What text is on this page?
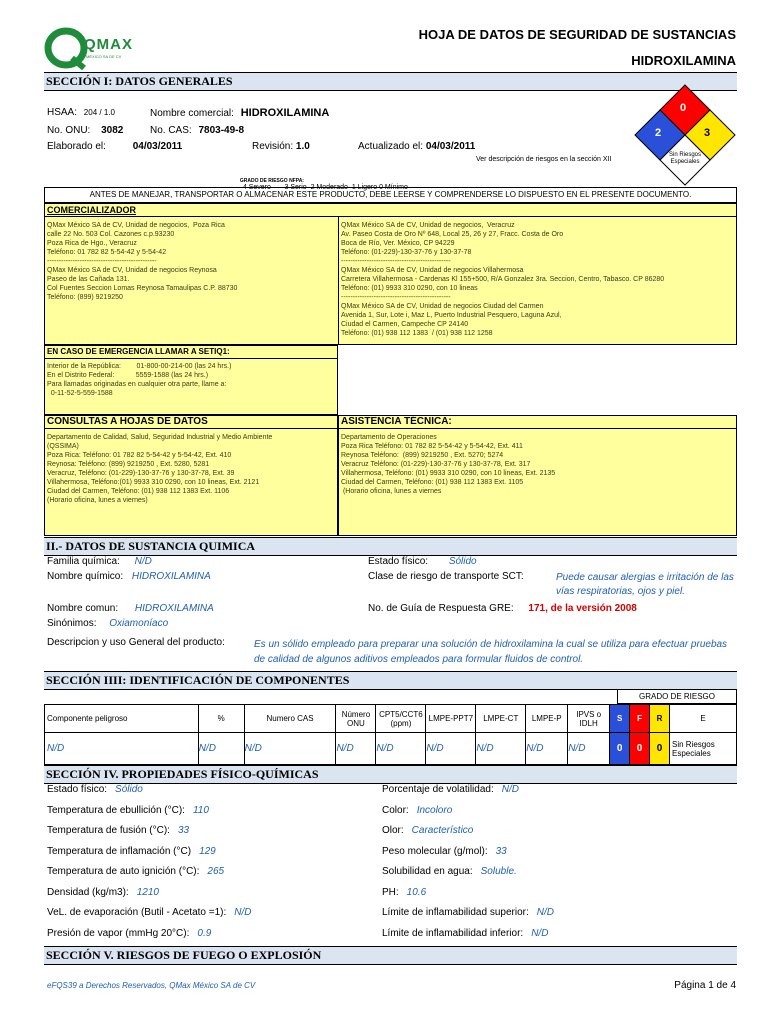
QMAX
MÉXICO SA DE CV
HOJA DE DATOS DE SEGURIDAD DE SUSTANCIAS
HIDROXILAMINA
SECCIÓN I: DATOS GENERALES
0
2	3
Sin Riesgos Especiales
HSAA: 204 / 1.0	Nombre comercial: HIDROXILAMINA
No. ONU: 3082	No. CAS: 7803-49-8
Elaborado el:	04/03/2011	Revisión: 1.0	Actualizado el: 04/03/2011
Ver descripción de riesgos en la sección XII

GRADO DE RIESGO NFPA:
4 Severo       3 Serio  2 Moderado  1 Ligero 0 Mínimo

ANTES DE MANEJAR, TRANSPORTAR O ALMACENAR ESTE PRODUCTO, DEBE LEERSE Y COMPRENDERSE LO DISPUESTO EN EL PRESENTE DOCUMENTO.
COMERCIALIZADOR
QMax México SA de CV, Unidad de negocios,  Poza Rica
calle 22 No. 503 Col. Cazones c.p.93230
Poza Rica de Hgo., Veracruz
Teléfono: 01 782 82 5-54-42 y 5-54-42
-----------------------------------------------
QMax México SA de CV, Unidad de negocios Reynosa
Paseo de las Cañada 131.
Col Fuentes Seccion Lomas Reynosa Tamaulipas C.P. 88730
Teléfono: (899) 9219250
QMax México SA de CV, Unidad de negocios,  Veracruz
Av. Paseo Costa de Oro Nº 648, Local 25, 26 y 27, Fracc. Costa de Oro
Boca de Río, Ver. México, CP 94229
Teléfono: (01-229)-130-37-76 y 130-37-78
-----------------------------------------------
QMax México SA de CV, Unidad de negocios Villahermosa
Carretera Villahermosa - Cardenas Kl 155+500, R/A Gonzalez 3ra. Seccion, Centro, Tabasco. CP 86280
Teléfono: (01) 9933 310 0290, con 10 lineas
-----------------------------------------------
QMax México SA de CV, Unidad de negocios Ciudad del Carmen
Avenida 1, Sur, Lote i, Maz L, Puerto Industrial Pesquero, Laguna Azul,
Ciudad el Carmen, Campeche CP 24140
Teléfono: (01) 938 112 1383  / (01) 938 112 1258
EN CASO DE EMERGENCIA LLAMAR A SETIQ1:
Interior de la República:        01-800-00-214-00 (las 24 hrs.)
En el Distrito Federal:           5559-1588 (las 24 hrs.)
Para llamadas originadas en cualquier otra parte, llame a:
0-11-52-5-559-1588
CONSULTAS A HOJAS DE DATOS
Departamento de Calidad, Salud, Seguridad Industrial y Medio Ambiente
(QSSIMA)
Poza Rica: Teléfono: 01 782 82 5-54-42 y 5-54-42, Ext. 410
Reynosa: Teléfono: (899) 9219250 , Ext. 5280, 5281
Veracruz, Teléfono: (01-229)-130-37-76 y 130-37-78, Ext. 39
Villahermosa, Teléfono:(01) 9933 310 0290, con 10 lineas, Ext. 2121
Ciudad del Carmen, Teléfono: (01) 938 112 1383 Ext. 1106
(Horario oficina, lunes a viernes)
ASISTENCIA TÉCNICA:
Departamento de Operaciones
Poza Rica Teléfono: 01 782 82 5-54-42 y 5-54-42, Ext. 411
Reynosa Teléfono:  (899) 9219250 , Ext. 5270; 5274
Veracruz Teléfono: (01-229)-130-37-76 y 130-37-78, Ext. 317
Villahermosa, Teléfono: (01) 9933 310 0290, con 10 lineas, Ext. 2135
Ciudad del Carmen, Teléfono: (01) 938 112 1383 Ext. 1105
(Horario oficina, lunes a viernes
II.- DATOS DE SUSTANCIA QUIMICA
Familia química: N/D	Estado físico: Sólido
Nombre químico: HIDROXILAMINA	Clase de riesgo de transporte SCT:	Puede causar alergias e irritación de las vías respiratorias, ojos y piel.
Nombre comun: HIDROXILAMINA	No. de Guía de Respuesta GRE: 171, de la versión 2008
Sinónimos: Oxiamoníaco
Descripcion y uso General del producto:	Es un sólido empleado para preparar una solución de hidroxilamina la cual se utiliza para efectuar pruebas de calidad de algunos aditivos empleados para formular fluidos de control.
SECCIÓN IIII: IDENTIFICACIÓN DE COMPONENTES
GRADO DE RIESGO
Componente peligroso	%	Numero CAS	Número ONU	CPT5/CCT6 (ppm)	LMPE-PPT7	LMPE-CT	LMPE-P	IPVS o IDLH	S	F	R	E
N/D	N/D	N/D	N/D	N/D	N/D	N/D	N/D	N/D	0	0	0	Sin Riesgos Especiales
SECCIÓN IV. PROPIEDADES FÍSICO-QUÍMICAS
Estado físico: Sólido
Temperatura de ebullición (°C): 110
Temperatura de fusión (°C): 33
Temperatura de inflamación (°C) 129
Temperatura de auto ignición (°C): 265
Densidad (kg/m3): 1210
VeL. de evaporación (Butil - Acetato =1): N/D
Presión de vapor (mmHg 20°C): 0.9
Porcentaje de volatilidad: N/D
Color: Incoloro
Olor: Característico
Peso molecular (g/mol): 33
Solubilidad en agua: Soluble.
PH: 10.6
Límite de inflamabilidad superior: N/D
Límite de inflamabilidad inferior: N/D
SECCIÓN V. RIESGOS DE FUEGO O EXPLOSIÓN
eFQS39 a Derechos Reservados, QMax México SA de CV	Página 1 de 4
